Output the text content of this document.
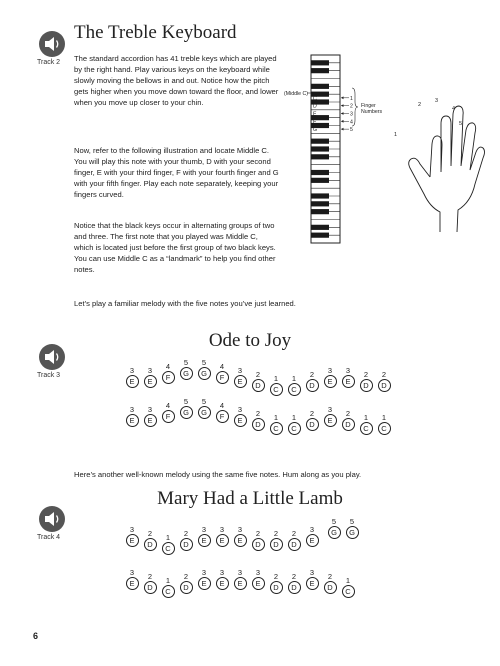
Track 2
Track 3
Track 4
The Treble Keyboard

The standard accordion has 41 treble keys which are played by the right hand. Play various keys on the keyboard while slowly moving the bellows in and out. Notice how the pitch gets higher when you move down toward the floor, and lower when you move up closer to your chin.

Now, refer to the following illustration and locate Middle C. You will play this note with your thumb, D with your second finger, E with your third finger, F with your fourth finger and G with your fifth finger. Play each note separately, keeping your fingers curved.

Notice that the black keys occur in alternating groups of two and three. The first note that you played was Middle C, which is located just before the first group of two black keys. You can use Middle C as a “landmark” to help you find other notes.

Let’s play a familiar melody with the five notes you’ve just learned.

Here’s another well-known melody using the same five notes. Hum along as you play.

(Middle C)
C	1
D	2
E	3
F	4
G	5
Finger
Numbers
1
2
3
4
5
Ode to Joy
Mary Had a Little Lamb
3
E
3
E
4
F
5
G
5
G
4
F
3
E
2
D
1
C
1
C
2
D
3
E
3
E
2
D
2
D
3
E
3
E
4
F
5
G
5
G
4
F
3
E
2
D
1
C
1
C
2
D
3
E
2
D
1
C
1
C
3
E
2
D
1
C
2
D
3
E
3
E
3
E
2
D
2
D
2
D
3
E
5
G
5
G
3
E
2
D
1
C
2
D
3
E
3
E
3
E
3
E
2
D
2
D
3
E
2
D
1
C
6
